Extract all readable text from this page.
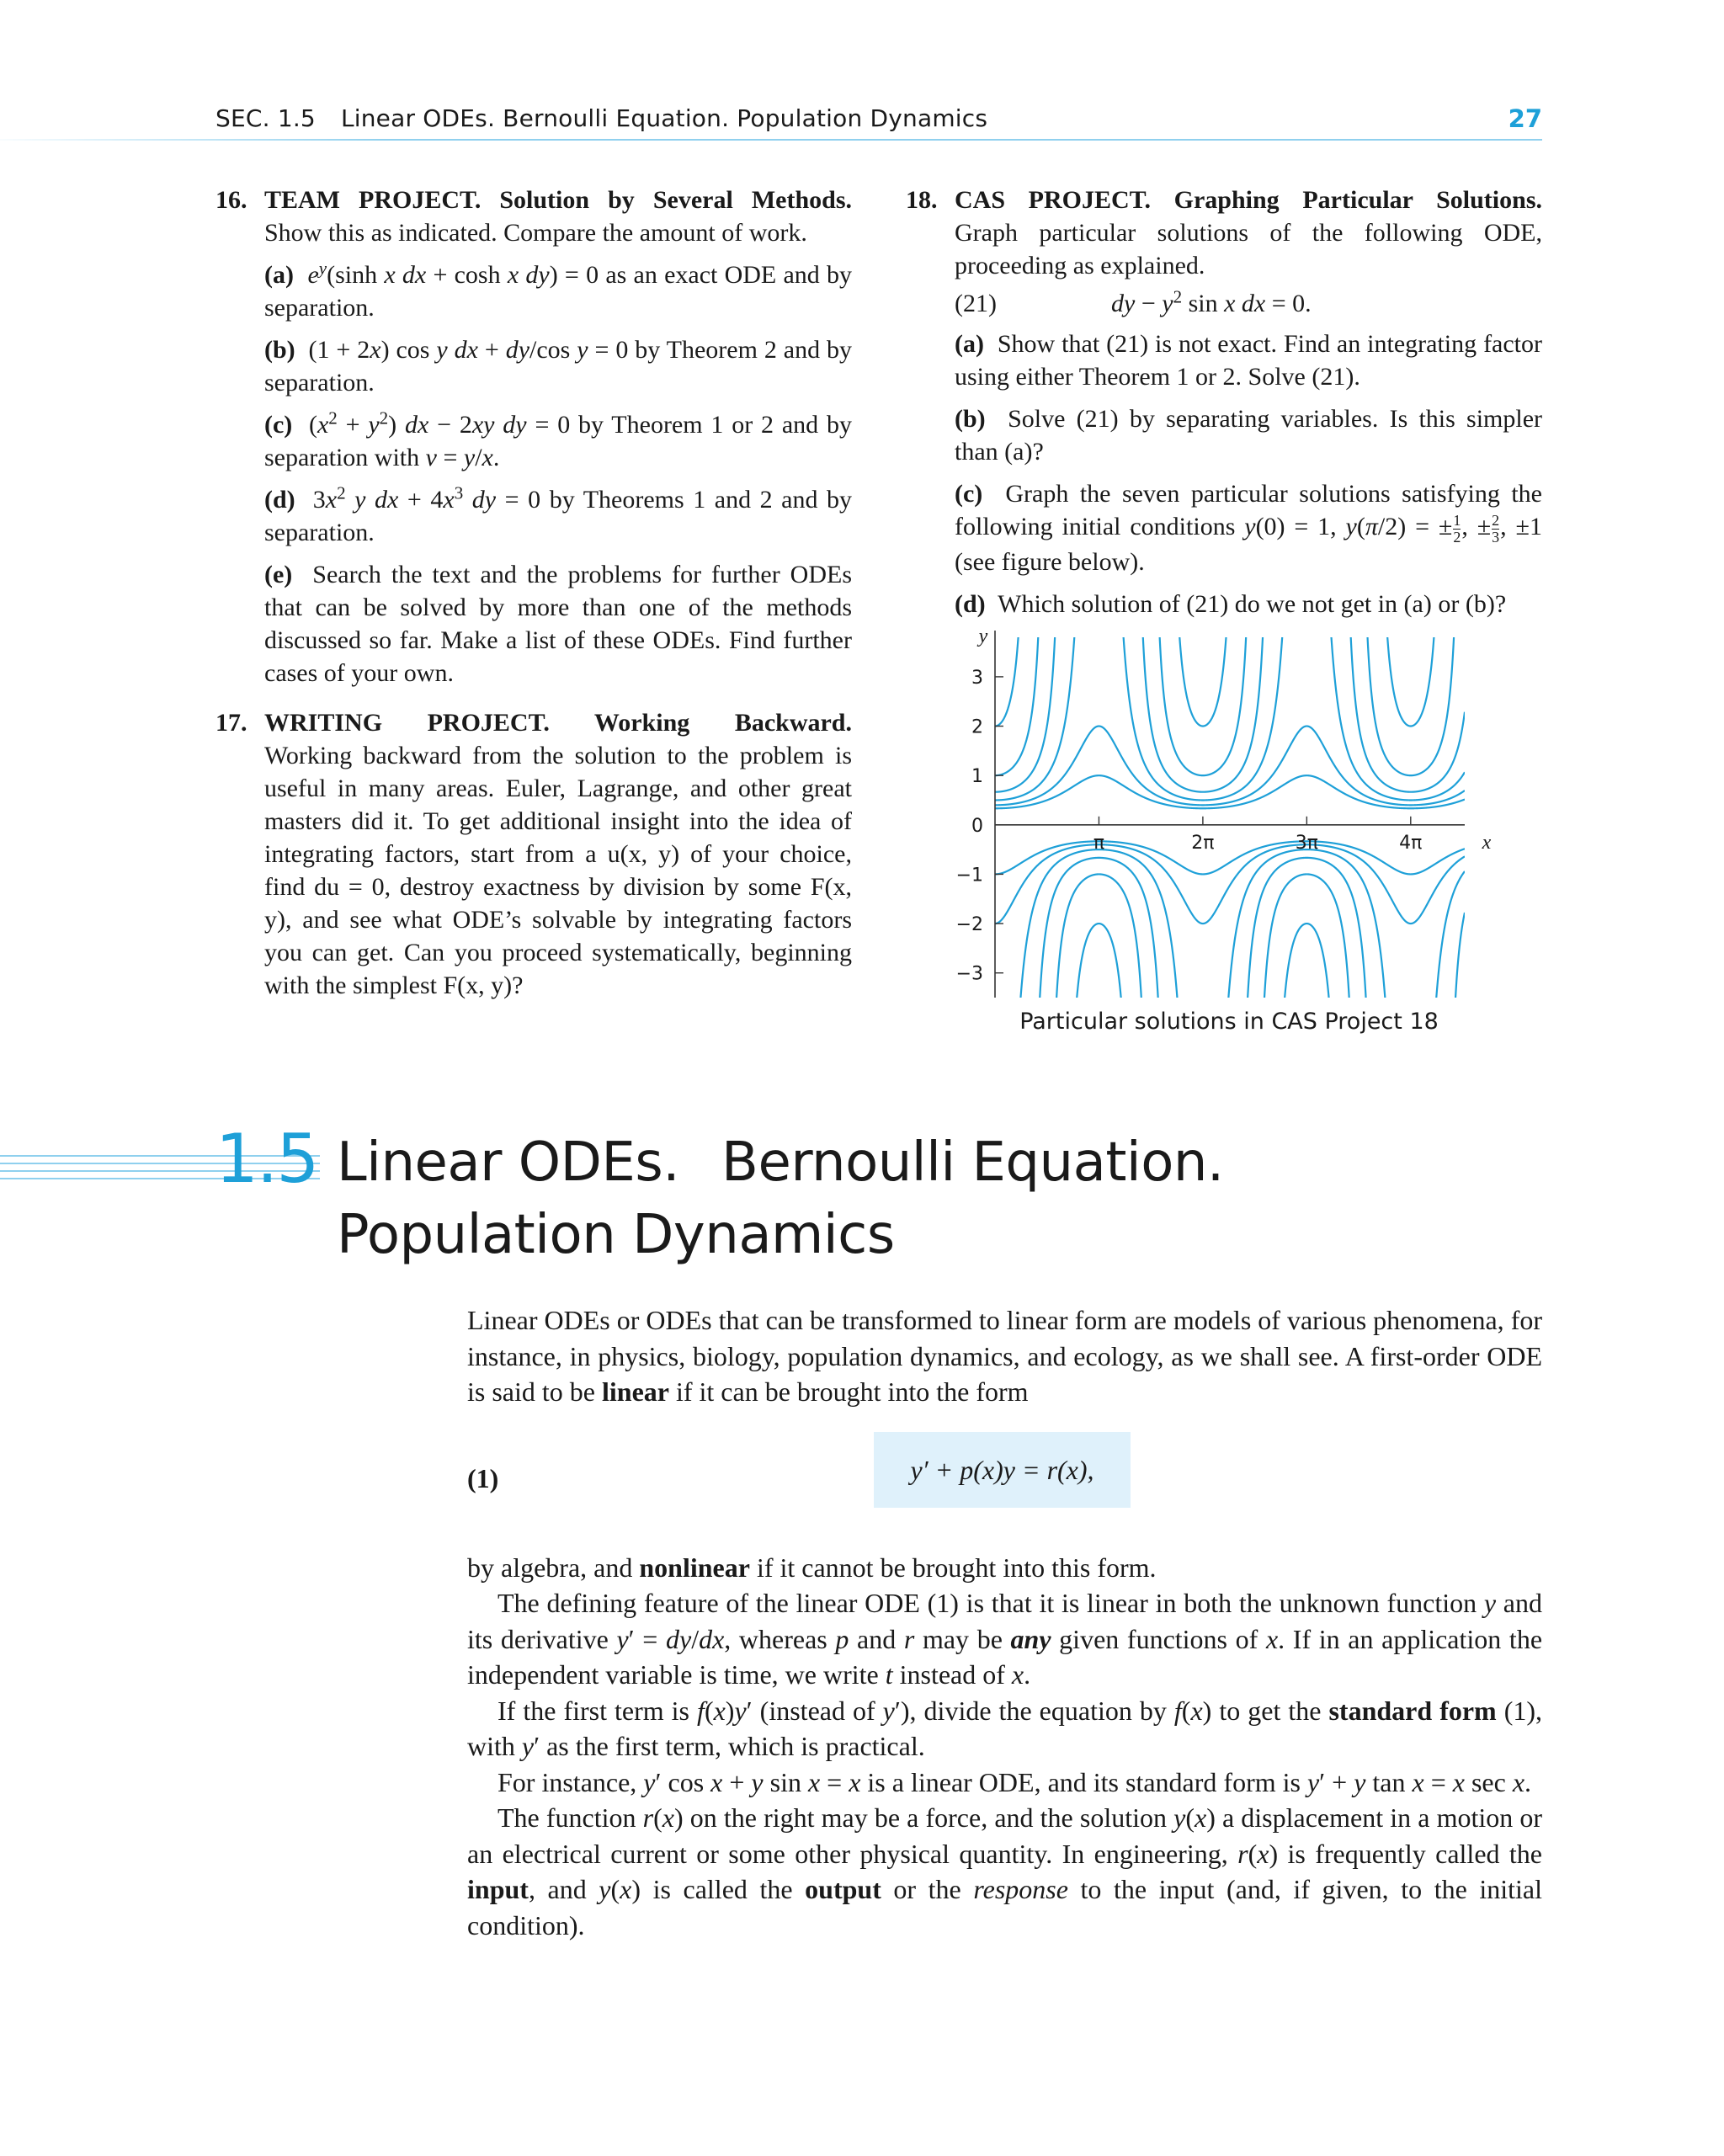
SEC. 1.5 Linear ODEs. Bernoulli Equation. Population Dynamics	27
16. TEAM PROJECT. Solution by Several Methods.
Show this as indicated. Compare the amount of work.
(a) $e^y(\sinh$ x dx + cosh x dy) = 0 as an exact ODE and by separation.
(b)  (1 + 2x) cos y dx + dy/cos y = 0 by Theorem 2 and by separation.
(c)  $(x^2 + y^2)$ dx − 2xy dy = 0 by Theorem 1 or 2 and by separation with v = y/x.
(d)  $3x^2$ y dx + $4x^3$ dy = 0 by Theorems 1 and 2 and by separation.
(e) Search the text and the problems for further ODEs that can be solved by more than one of the methods discussed so far. Make a list of these ODEs. Find further cases of your own.
17. WRITING PROJECT. Working Backward.
Working backward from the solution to the problem is useful in many areas. Euler, Lagrange, and other great masters did it. To get additional insight into the idea of integrating factors, start from a u(x, y) of your choice, find du = 0, destroy exactness by division by some F(x, y), and see what ODE’s solvable by integrating factors you can get. Can you proceed systematically, beginning with the simplest F(x, y)?
18. CAS PROJECT. Graphing Particular Solutions.
Graph particular solutions of the following ODE, proceeding as explained.
(21)	dy − $y^2$ sin x dx = 0.
(a) Show that (21) is not exact. Find an integrating factor using either Theorem 1 or 2. Solve (21).
(b) Solve (21) by separating variables. Is this simpler than (a)?
(c) Graph the seven particular solutions satisfying the following initial conditions y(0) = 1, y(π/2) = ± $\frac{1}{2}$ , ± $\frac{2}{3}$ , ±1 (see figure below).
(d) Which solution of (21) do we not get in (a) or (b)?
−3
−2
−1
0
1
2
3
π	2π	3π	4π
y
x
Particular solutions in CAS Project 18
1.5 Linear ODEs. Bernoulli Equation.
Population Dynamics

Linear ODEs or ODEs that can be transformed to linear form are models of various phenomena, for instance, in physics, biology, population dynamics, and ecology, as we shall see. A first-order ODE is said to be linear if it can be brought into the form

(1)	y′ + p(x)y = r(x),

by algebra, and nonlinear if it cannot be brought into this form.

The defining feature of the linear ODE (1) is that it is linear in both the unknown function y and its derivative y′ = dy/dx, whereas p and r may be any given functions of x. If in an application the independent variable is time, we write t instead of x.

If the first term is f(x)y′ (instead of y′), divide the equation by f(x) to get the standard form (1), with y′ as the first term, which is practical.

For instance, y′ cos x + y sin x = x is a linear ODE, and its standard form is y′ + y tan x = x sec x.

The function r(x) on the right may be a force, and the solution y(x) a displacement in a motion or an electrical current or some other physical quantity. In engineering, r(x) is frequently called the input, and y(x) is called the output or the response to the input (and, if given, to the initial condition).
